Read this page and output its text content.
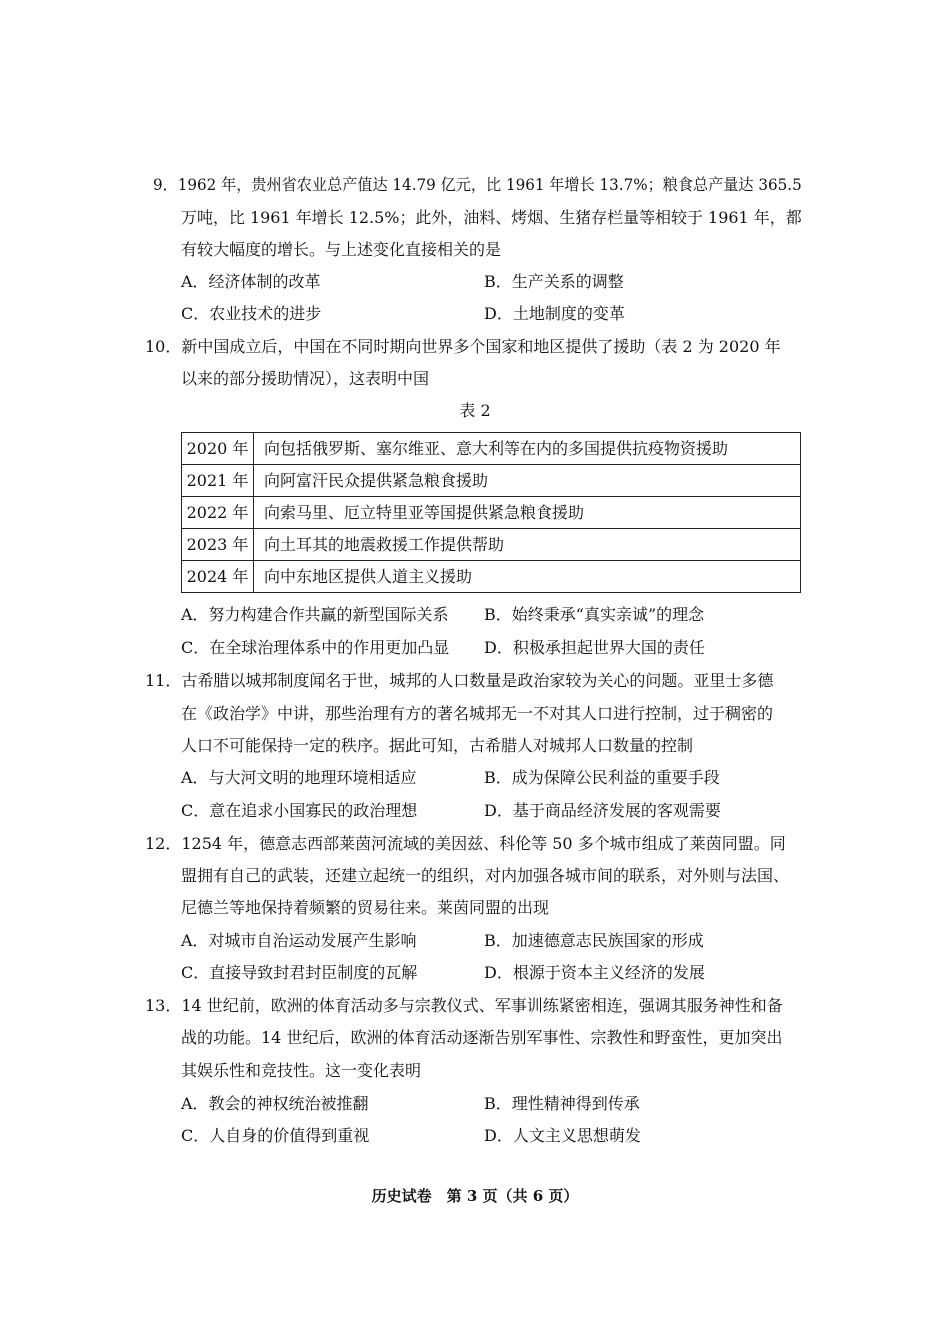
9．1962 年，贵州省农业总产值达 14.79 亿元，比 1961 年增长 13.7%；粮食总产量达 365.5
万吨，比 1961 年增长 12.5%；此外，油料、烤烟、生猪存栏量等相较于 1961 年，都
有较大幅度的增长。与上述变化直接相关的是
A．经济体制的改革	B．生产关系的调整
C．农业技术的进步	D．土地制度的变革
10．新中国成立后，中国在不同时期向世界多个国家和地区提供了援助（表 2 为 2020 年
以来的部分援助情况），这表明中国
表 2
2020 年	向包括俄罗斯、塞尔维亚、意大利等在内的多国提供抗疫物资援助
2021 年	向阿富汗民众提供紧急粮食援助
2022 年	向索马里、厄立特里亚等国提供紧急粮食援助
2023 年	向土耳其的地震救援工作提供帮助
2024 年	向中东地区提供人道主义援助
A．努力构建合作共赢的新型国际关系 B．始终秉承“真实亲诚”的理念
C．在全球治理体系中的作用更加凸显 D．积极承担起世界大国的责任
11．古希腊以城邦制度闻名于世，城邦的人口数量是政治家较为关心的问题。亚里士多德
在《政治学》中讲，那些治理有方的著名城邦无一不对其人口进行控制，过于稠密的
人口不可能保持一定的秩序。据此可知，古希腊人对城邦人口数量的控制
A．与大河文明的地理环境相适应	B．成为保障公民利益的重要手段
C．意在追求小国寡民的政治理想	D．基于商品经济发展的客观需要
12．1254 年，德意志西部莱茵河流域的美因兹、科伦等 50 多个城市组成了莱茵同盟。同
盟拥有自己的武装，还建立起统一的组织，对内加强各城市间的联系，对外则与法国、
尼德兰等地保持着频繁的贸易往来。莱茵同盟的出现
A．对城市自治运动发展产生影响	B．加速德意志民族国家的形成
C．直接导致封君封臣制度的瓦解	D．根源于资本主义经济的发展
13．14 世纪前，欧洲的体育活动多与宗教仪式、军事训练紧密相连，强调其服务神性和备
战的功能。14 世纪后，欧洲的体育活动逐渐告别军事性、宗教性和野蛮性，更加突出
其娱乐性和竞技性。这一变化表明
A．教会的神权统治被推翻	B．理性精神得到传承
C．人自身的价值得到重视	D．人文主义思想萌发
历史试卷　第 3 页（共 6 页）
